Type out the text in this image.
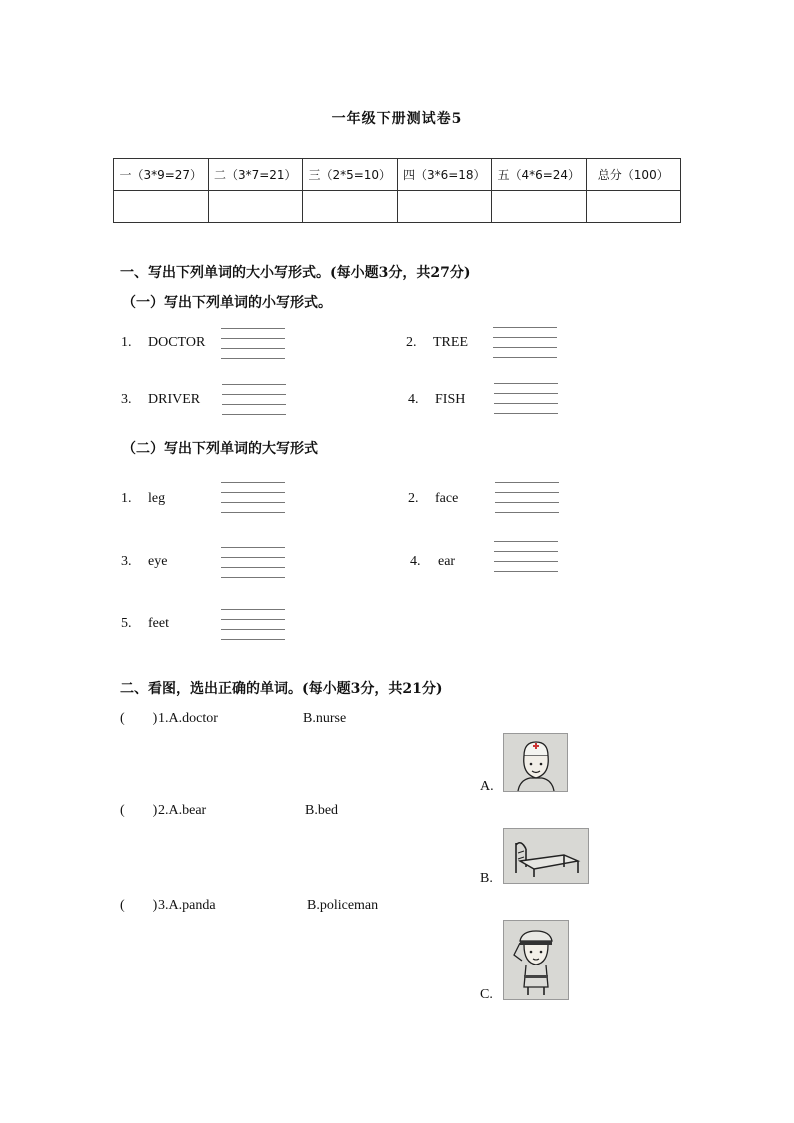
一年级下册测试卷5
一（3*9=27）	二（3*7=21）	三（2*5=10）	四（3*6=18）	五（4*6=24）	总分（100）

一、写出下列单词的大小写形式。(每小题3分，共27分)
（一）写出下列单词的小写形式。
1. DOCTOR	2. TREE
3. DRIVER	4. FISH
（二）写出下列单词的大写形式
1. leg	2. face
3. eye	4. ear
5. feet
二、看图，选出正确的单词。(每小题3分，共21分)
(        ) 1.A.doctor	B.nurse
(        ) 2.A.bear	B.bed
(        ) 3.A.panda	B.policeman
A.
B.
C.
